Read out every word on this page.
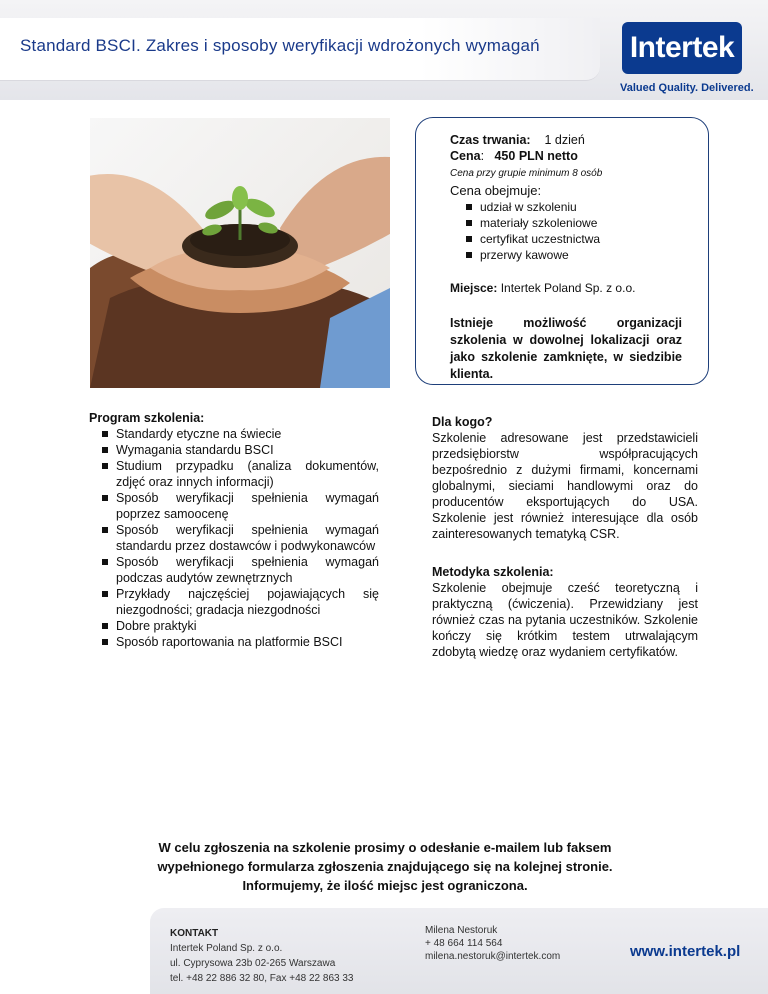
Standard BSCI. Zakres i sposoby weryfikacji wdrożonych wymagań	Intertek
Valued Quality. Delivered.
Czas trwania: 1 dzień
Cena:   450 PLN netto
Cena przy grupie minimum 8 osób
Cena obejmuje:
udział w szkoleniu
materiały szkoleniowe
certyfikat uczestnictwa
przerwy kawowe
Miejsce: Intertek Poland Sp. z o.o.
Istnieje możliwość organizacji szkolenia w dowolnej lokalizacji oraz jako szkolenie zamknięte, w siedzibie klienta.
Program szkolenia:
Standardy etyczne na świecie
Wymagania standardu BSCI
Studium przypadku (analiza dokumentów, zdjęć oraz innych informacji)
Sposób weryfikacji spełnienia wymagań poprzez samoocenę
Sposób weryfikacji spełnienia wymagań standardu przez dostawców i podwykonawców
Sposób weryfikacji spełnienia wymagań podczas audytów zewnętrznych
Przykłady najczęściej pojawiających się niezgodności; gradacja niezgodności
Dobre praktyki
Sposób raportowania na platformie BSCI
Dla kogo?

Szkolenie adresowane jest przedstawicieli przedsiębiorstw współpracujących bezpośrednio z dużymi firmami, koncernami globalnymi, sieciami handlowymi oraz do producentów eksportujących do USA. Szkolenie jest również interesujące dla osób zainteresowanych tematyką CSR.

Metodyka szkolenia:

Szkolenie obejmuje cześć teoretyczną i praktyczną (ćwiczenia). Przewidziany jest również czas na pytania uczestników. Szkolenie kończy się krótkim testem utrwalającym zdobytą wiedzę oraz wydaniem certyfikatów.

W celu zgłoszenia na szkolenie prosimy o odesłanie e-mailem lub faksem
wypełnionego formularza zgłoszenia znajdującego się na kolejnej stronie.
Informujemy, że ilość miejsc jest ograniczona.
KONTAKT
Intertek Poland Sp. z o.o.
ul. Cyprysowa 23b 02-265 Warszawa
tel. +48 22 886 32 80, Fax +48 22 863 33
Milena Nestoruk
+ 48 664 114 564
milena.nestoruk@intertek.com	www.intertek.pl
